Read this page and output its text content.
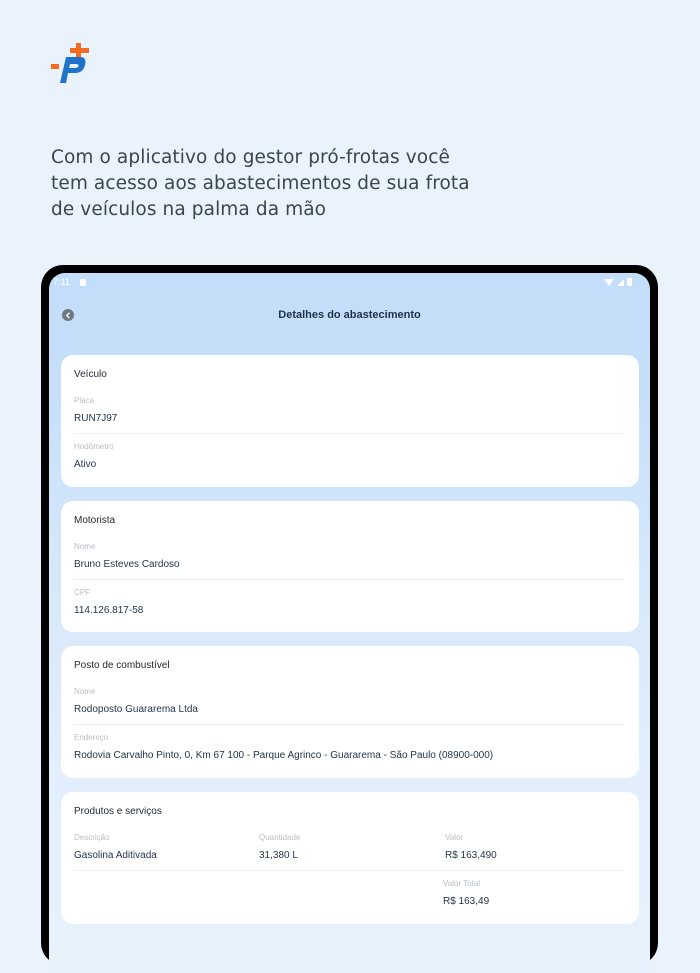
Com o aplicativo do gestor pró-frotas você
tem acesso aos abastecimentos de sua frota
de veículos na palma da mão
7:11
Detalhes do abastecimento
Veículo
Placa
RUN7J97
Hodômetro
Ativo
Motorista
Nome
Bruno Esteves Cardoso
CPF
114.126.817-58
Posto de combustível
Nome
Rodoposto Guararema Ltda
Endereço
Rodovia Carvalho Pinto, 0, Km 67 100 - Parque Agrinco - Guararema - São Paulo (08900-000)
Produtos e serviços
Descrição	Quantidade	Valor
Gasolina Aditivada	31,380 L	R$ 163,490
Valor Total
R$ 163,49
